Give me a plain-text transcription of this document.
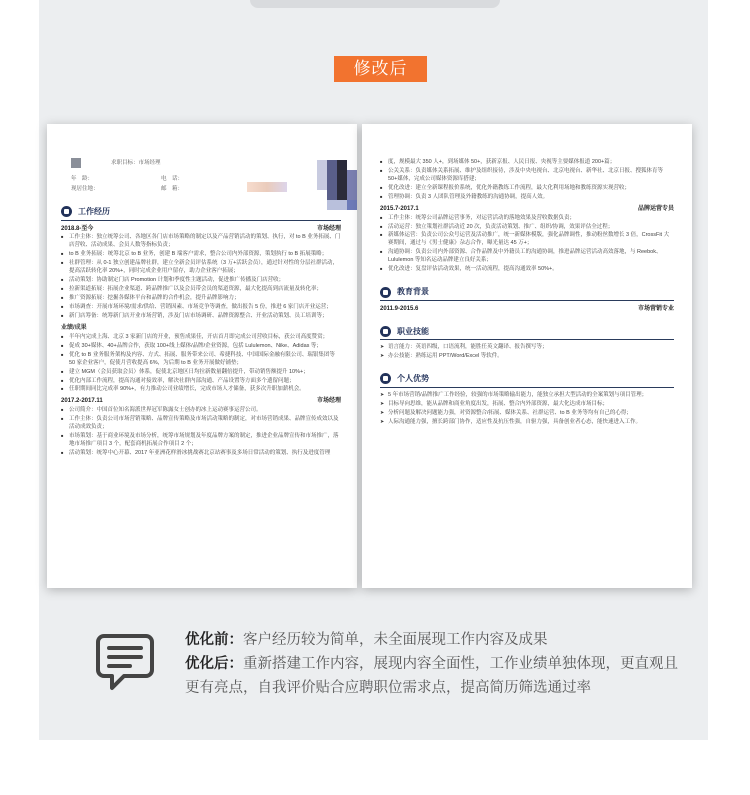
修改后
求职目标：市场经理
年　龄：	电　话：
现居住地：	邮　箱：
工作经历
2018.8-至今	市场经理
■ 工作主体：独立统筹公司、各地区各门店市场策略的制定以及产品营销活动的策划、执行，对 to B 业务拓展、门店营收、活动成果、会员人数等指标负责；
■ to B 业务拓展：统筹北京 to B 业务，创建 B 端客户需求，整合公司内外部资源，策划执行 to B 拓展策略；
■ 社群管理：从 0-1 独立创建品牌社群，建立全新会员评估系统（3 万+活跃会员），通过针对性的分层社群活动，提高活跃转化率 20%+，同时完成企业用户留存，助力企业客户拓展；
■ 活动策划：协助制定门店 Promotion 计划和季度性主题活动，促进推广传播及门店营收；
■ 拉新渠道拓展：拓展企业渠道、跨品牌推广以及会员带会员的渠道资源，最大化提高到店流量及转化率；
■ 推广资源拓展：挖掘各媒体平台和品牌的合作机会，提升品牌影响力；
■ 市场调查：开展市场环境/需求/供给、营销因素、市场竞争等调查，做出报告 5 份，推进 6 家门店开业运营；
■ 新门店筹备：统筹新门店开业市场营销，涉及门店市场调研、品牌资源整合、开业活动策划、员工培训等；
业绩/成果
■ 半年内完成上海、北京 3 家新门店的开业，预售成果佳，开店首月即完成公司营收目标，获公司高度赞赏；
■ 促成 30+媒体、40+品牌合作，获取 100+线上媒体/品牌/企业资源，包括 Lululemon、Nike、Adidas 等；
■ 优化 to B 业务服务架构及内容、方式、拓展、服务带来公司、希捷科技、中国国际金融有限公司、瑞银集团等 50 家企业客户，促使月营收提高 6%，为后期 to B 业务开展做好铺垫；
■ 建立 MGM（会员获取会员）体系，促使北京地区日均拉新数量翻倍提升，带动销售额提升 10%+；
■ 优化内部工作流程，提高沟通对接效率，解决社群内部沟通、产品设置等方面多个遗留问题；
■ 任职期间同比完成率 90%+，有力推动公司业绩增长，完成市场人才储备，获多次升职加薪机会。
2017.2-2017.11	市场经理
■ 公司简介：中国首位知名海派世界冠军陈露女士创办的冰上运动赛事运营公司。
■ 工作主体：负责公司市场营销策略、品牌宣传策略及市场活动策略的制定，对市场营销成果、品牌宣传成效以及活动成效负责；
■ 市场策划：基于商业环境及市场分析，统筹市场规划及年度品牌方案的制定，推进企业品牌宣传和市场推广，落地市场推广项目 3 个，配套商机拓展合作项目 2 个；
■ 活动策划：统筹中心开幕、2017 年亚洲花样滑冰挑战赛北京站赛事及多场日常活动的策划、执行及进度管理
■ 度，规模最大 350 人+，到场媒体 50+，获新京报、人民日报、央视等主要媒体报道 200+篇；
■ 公关关系：负责媒体关系拓展、维护及组织接待，涉及中央电视台、北京电视台、新华社、北京日报、搜狐体育等 50+媒体，完成公司媒体资源库搭建；
■ 优化改进：建立全新课程报价系统，优化外籍教练工作流程，最大化利用场地和教练资源实现营收；
■ 管理协调：负责 3 人团队管理及外籍教练的沟通协调，提高人效。
2015.7-2017.1	品牌运营专员
■ 工作主体：统筹公司品牌运营事务，对运营活动的落地效果及营收数据负责；
■ 活动运营：独立策划社群活动近 20 次，负责活动策划、推广、组织/协调，效果评估全过程；
■ 新媒体运营：负责公司公众号运营及活动推广，统一新媒体模版，强化品牌调性，推动粉丝数增长 3 倍，CrossFit 大赛期间，通过与《男士健康》杂志合作，曝光量达 45 万+；
■ 沟通协调：负责公司内外部资源、合作品牌及中外籍员工的沟通协调，推进品牌运营活动高效落地，与 Reebok、Lululemon 等知名运动品牌建立良好关系；
■ 优化改进：复盘评估活动效果，统一活动流程，提高沟通效率 50%+。
教育背景
2011.9-2015.6	市场营销专业
职业技能
➤ 语言能力：英语四级，口语流利，能胜任英文翻译、报告撰写等；
➤ 办公技能：熟练运用 PPT/Word/Excel 等软件。
个人优势
➤ 5 年市场营销/品牌推广工作经验，较强的市场策略输出能力，能独立承担大型活动的全案策划与项目管理；
➤ 目标导向思维，能从品牌和商业角度出发，拓展、整合内外部资源，最大化达成市场目标；
➤ 分析问题及解决问题能力强，对资源整合/拓展、媒体关系、社群运营、to B 业务等均有自己的心得；
➤ 人际沟通能力强，擅长跨部门协作，适应性及抗压性强，自驱力强，具备创业者心态，能快速进入工作。
优化前：客户经历较为简单，未全面展现工作内容及成果
优化后：重新搭建工作内容，展现内容全面性，工作业绩单独体现，更直观且更有亮点，自我评价贴合应聘职位需求点，提高简历筛选通过率
